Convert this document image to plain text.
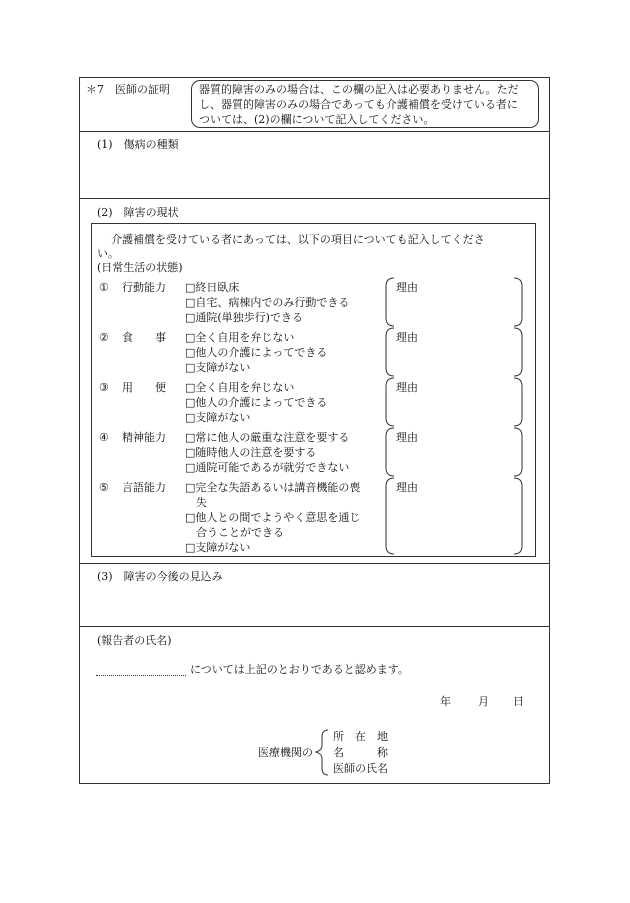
＊7　医師の証明	器質的障害のみの場合は、この欄の記入は必要ありません。ただ
し、器質的障害のみの場合であっても介護補償を受けている者に
ついては、(2)の欄について記入してください。
(1)　傷病の種類
(2)　障害の現状
介護補償を受けている者にあっては、以下の項目についても記入してくださ
い。
(日常生活の状態)
① 行動能力 □終日臥床
□自宅、病棟内でのみ行動できる
□通院(単独歩行)できる
理由
② 食　　事 □全く自用を弁じない
□他人の介護によってできる
□支障がない
理由
③ 用　　便 □全く自用を弁じない
□他人の介護によってできる
□支障がない
理由
④ 精神能力 □常に他人の厳重な注意を要する
□随時他人の注意を要する
□通院可能であるが就労できない
理由
⑤ 言語能力 □完全な失語あるいは講音機能の喪
　失
□他人との間でようやく意思を通じ
　合うことができる
□支障がない
理由
(3)　障害の今後の見込み
(報告者の氏名)
については上記のとおりであると認めます。
年 月 日
医療機関の
所　在　地
名　　　称
医師の氏名
